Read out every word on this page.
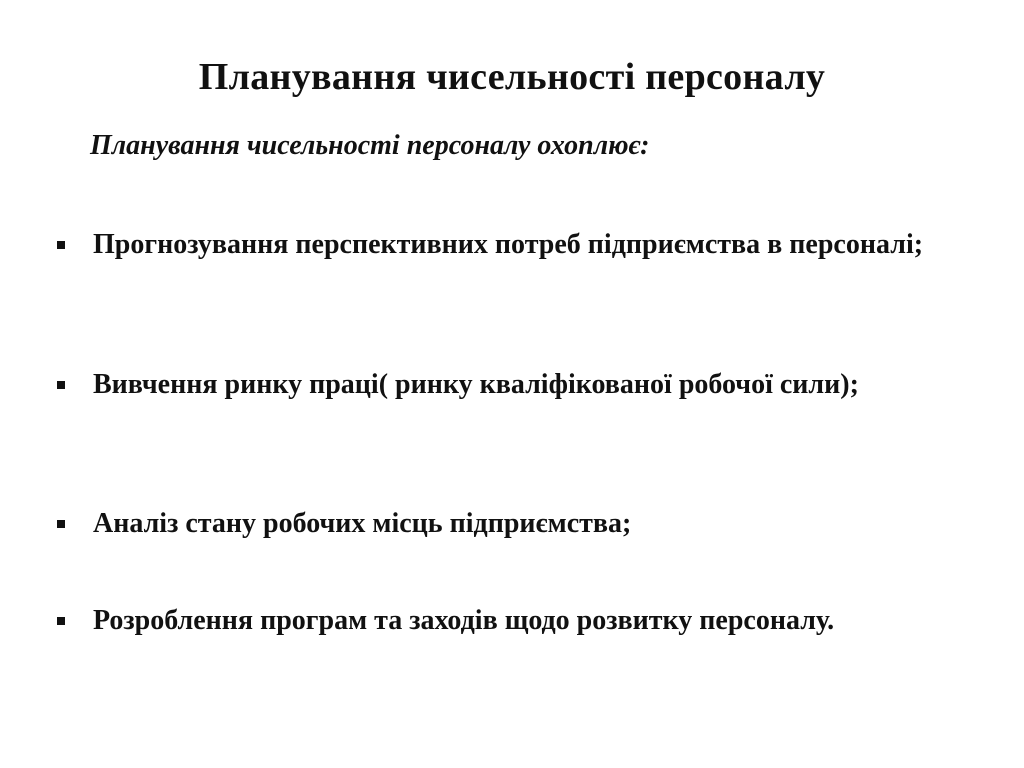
Планування чисельності персоналу
Планування чисельності персоналу охоплює:
Прогнозування перспективних потреб підприємства в персоналі;
Вивчення ринку праці( ринку кваліфікованої робочої сили);
Аналіз стану робочих місць підприємства;
Розроблення програм та заходів щодо розвитку персоналу.
